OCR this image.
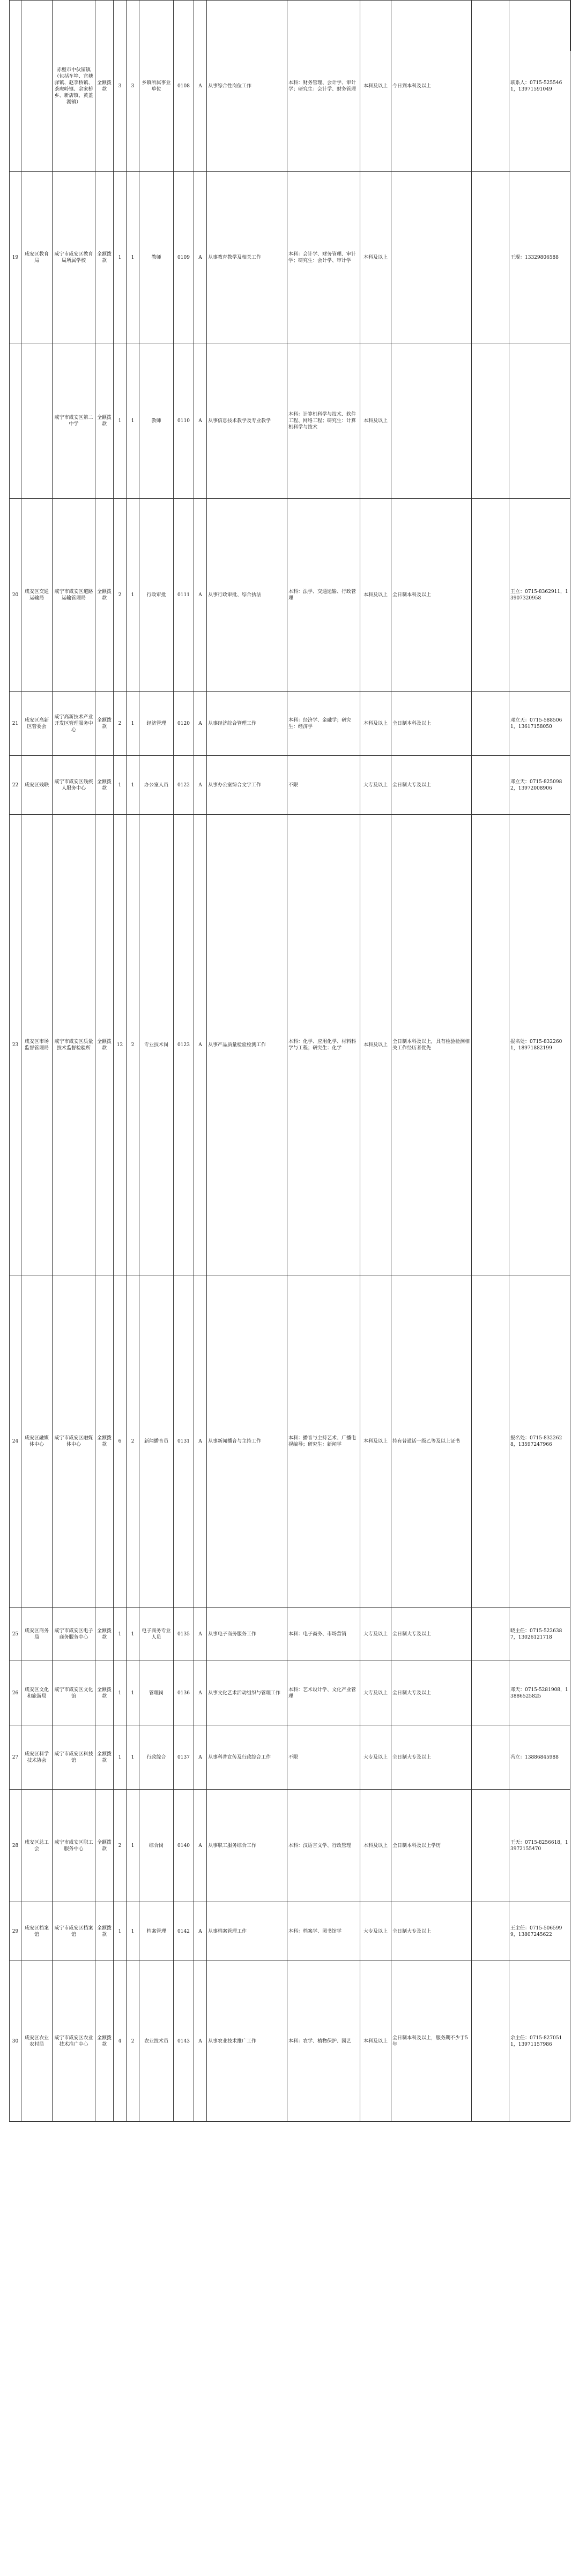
		赤壁市中伙铺镇（包括车埠、官塘驿镇、赵李桥镇、茶庵岭镇、余家桥乡、新店镇、黄盖湖镇）	全额拨款	3	3	乡镇所属事业单位	0108	A	从事综合性岗位工作	本科：财务管理、会计学、审计学；研究生：会计学、财务管理	本科及以上	今日到本科及以上		联系人：0715-5255461，13971591049
19	咸安区教育局	咸宁市咸安区教育局所属学校	全额拨款	1	1	教师	0109	A	从事教育教学及相关工作	本科：会计学、财务管理、审计学；研究生：会计学、审计学	本科及以上			王现：13329806588
		咸宁市咸安区第二中学	全额拨款	1	1	教师	0110	A	从事信息技术教学及专业教学	本科：计算机科学与技术、软件工程、网络工程；研究生：计算机科学与技术	本科及以上			
20	咸安区交通运输局	咸宁市咸安区道路运输管理局	全额拨款	2	1	行政审批	0111	A	从事行政审批、综合执法	本科：法学、交通运输、行政管理	本科及以上	全日制本科及以上		王立：0715-8362911，13907320958
21	咸安区高新区管委会	咸宁高新技术产业开发区管理服务中心	全额拨款	2	1	经济管理	0120	A	从事经济综合管理工作	本科：经济学、金融学；研究生：经济学	本科及以上	全日制本科及以上		邓立天：0715-5885061，13617158050
22	咸安区残联	咸宁市咸安区残疾人服务中心	全额拨款	1	1	办公室人员	0122	A	从事办公室综合文字工作	不限	大专及以上	全日制大专及以上		邓立天：0715-8250982，13972008906
23	咸安区市场监督管理局	咸宁市咸安区质量技术监督检验所	全额拨款	12	2	专业技术岗	0123	A	从事产品质量检验检测工作	本科：化学、应用化学、材料科学与工程；研究生：化学	本科及以上	全日制本科及以上，具有检验检测相关工作经历者优先		报名处：0715-8322601，18971882199
24	咸安区融媒体中心	咸宁市咸安区融媒体中心	全额拨款	6	2	新闻播音员	0131	A	从事新闻播音与主持工作	本科：播音与主持艺术、广播电视编导；研究生：新闻学	本科及以上	持有普通话一级乙等及以上证书		报名处：0715-8322628，13597247966
25	咸安区商务局	咸宁市咸安区电子商务服务中心	全额拨款	1	1	电子商务专业人员	0135	A	从事电子商务服务工作	本科：电子商务、市场营销	大专及以上	全日制大专及以上		晓主任：0715-5226387，13026121718
26	咸安区文化和旅游局	咸宁市咸安区文化馆	全额拨款	1	1	管理岗	0136	A	从事文化艺术活动组织与管理工作	本科：艺术设计学、文化产业管理	大专及以上	全日制大专及以上		邓天：0715-5281908，13886525825
27	咸安区科学技术协会	咸宁市咸安区科技馆	全额拨款	1	1	行政综合	0137	A	从事科普宣传及行政综合工作	不限	大专及以上	全日制大专及以上		冯立：13886845988
28	咸安区总工会	咸宁市咸安区职工服务中心	全额拨款	2	1	综合岗	0140	A	从事职工服务综合工作	本科：汉语言文学、行政管理	本科及以上	全日制本科及以上学历		王天：0715-8256618，13972155470
29	咸安区档案馆	咸宁市咸安区档案馆	全额拨款	1	1	档案管理	0142	A	从事档案管理工作	本科：档案学、图书馆学	大专及以上	全日制大专及以上		王主任：0715-5065999，13807245622
30	咸安区农业农村局	咸宁市咸安区农业技术推广中心	全额拨款	4	2	农业技术员	0143	A	从事农业技术推广工作	本科：农学、植物保护、园艺	本科及以上	全日制本科及以上，服务期不少于5年		余主任：0715-8270511，13971157986
